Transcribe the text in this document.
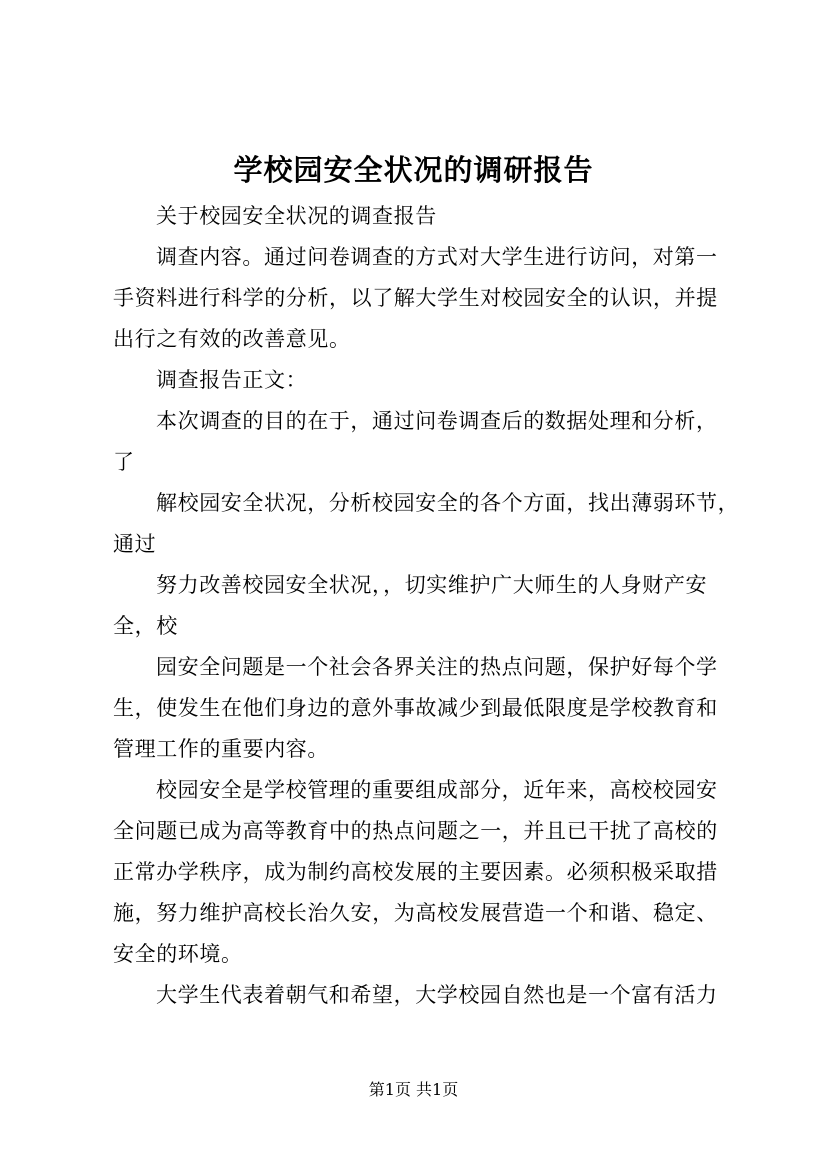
学校园安全状况的调研报告
关于校园安全状况的调查报告
调查内容。通过问卷调查的方式对大学生进行访问，对第一
手资料进行科学的分析，以了解大学生对校园安全的认识，并提
出行之有效的改善意见。
调查报告正文：
本次调查的目的在于，通过问卷调查后的数据处理和分析，
了
解校园安全状况，分析校园安全的各个方面，找出薄弱环节，
通过
努力改善校园安全状况，，切实维护广大师生的人身财产安
全，校
园安全问题是一个社会各界关注的热点问题，保护好每个学
生，使发生在他们身边的意外事故减少到最低限度是学校教育和
管理工作的重要内容。
校园安全是学校管理的重要组成部分，近年来，高校校园安
全问题已成为高等教育中的热点问题之一，并且已干扰了高校的
正常办学秩序，成为制约高校发展的主要因素。必须积极采取措
施，努力维护高校长治久安，为高校发展营造一个和谐、稳定、
安全的环境。
大学生代表着朝气和希望，大学校园自然也是一个富有活力
第1页 共1页
